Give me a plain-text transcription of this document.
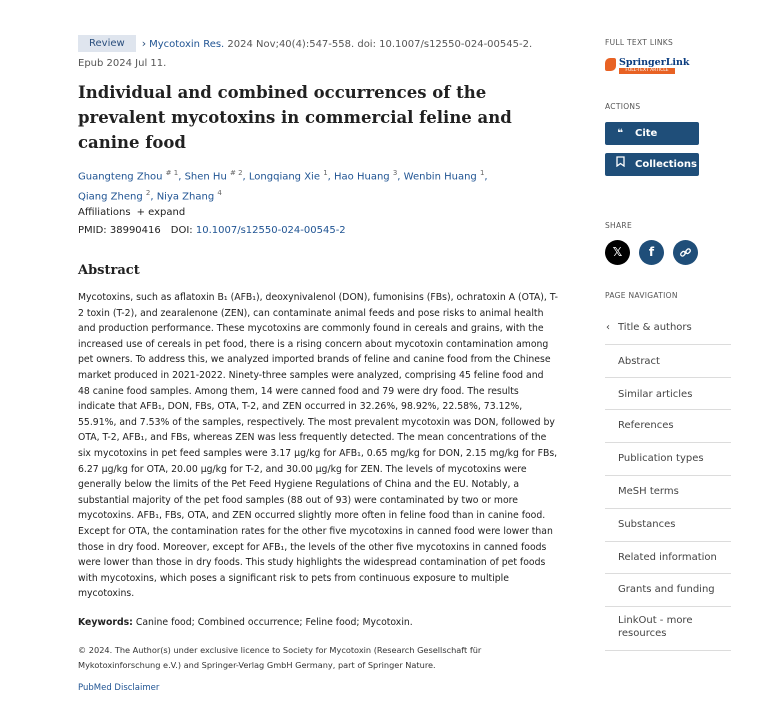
Review › Mycotoxin Res. 2024 Nov;40(4):547-558. doi: 10.1007/s12550-024-00545-2.
Epub 2024 Jul 11.
Individual and combined occurrences of the prevalent mycotoxins in commercial feline and canine food
Guangteng Zhou $^{\# 1}$, Shen Hu $^{\# 2}$, Longqiang Xie $^1$, Hao Huang $^3$, Wenbin Huang $^1$,
Qiang Zheng $^2$, Niya Zhang $^4$
Affiliations + expand
PMID: 38990416 DOI: 10.1007/s12550-024-00545-2
Abstract
Mycotoxins, such as aflatoxin B₁ (AFB₁), deoxynivalenol (DON), fumonisins (FBs), ochratoxin A (OTA), T-2 toxin (T-2), and zearalenone (ZEN), can contaminate animal feeds and pose risks to animal health and production performance. These mycotoxins are commonly found in cereals and grains, with the increased use of cereals in pet food, there is a rising concern about mycotoxin contamination among pet owners. To address this, we analyzed imported brands of feline and canine food from the Chinese market produced in 2021-2022. Ninety-three samples were analyzed, comprising 45 feline food and 48 canine food samples. Among them, 14 were canned food and 79 were dry food. The results indicate that AFB₁, DON, FBs, OTA, T-2, and ZEN occurred in 32.26%, 98.92%, 22.58%, 73.12%, 55.91%, and 7.53% of the samples, respectively. The most prevalent mycotoxin was DON, followed by OTA, T-2, AFB₁, and FBs, whereas ZEN was less frequently detected. The mean concentrations of the six mycotoxins in pet feed samples were 3.17 μg/kg for AFB₁, 0.65 mg/kg for DON, 2.15 mg/kg for FBs, 6.27 μg/kg for OTA, 20.00 μg/kg for T-2, and 30.00 μg/kg for ZEN. The levels of mycotoxins were generally below the limits of the Pet Feed Hygiene Regulations of China and the EU. Notably, a substantial majority of the pet food samples (88 out of 93) were contaminated by two or more mycotoxins. AFB₁, FBs, OTA, and ZEN occurred slightly more often in feline food than in canine food. Except for OTA, the contamination rates for the other five mycotoxins in canned food were lower than those in dry food. Moreover, except for AFB₁, the levels of the other five mycotoxins in canned foods were lower than those in dry foods. This study highlights the widespread contamination of pet foods with mycotoxins, which poses a significant risk to pets from continuous exposure to multiple mycotoxins.
Keywords: Canine food; Combined occurrence; Feline food; Mycotoxin.
© 2024. The Author(s) under exclusive licence to Society for Mycotoxin (Research Gesellschaft für Mykotoxinforschung e.V.) and Springer-Verlag GmbH Germany, part of Springer Nature.
PubMed Disclaimer
FULL TEXT LINKS
SpringerLink
FULL-TEXT ARTICLE
ACTIONS
❝ Cite
Collections
SHARE
𝕏	f
PAGE NAVIGATION
‹ Title & authors
Abstract
Similar articles
References
Publication types
MeSH terms
Substances
Related information
Grants and funding
LinkOut - more resources
